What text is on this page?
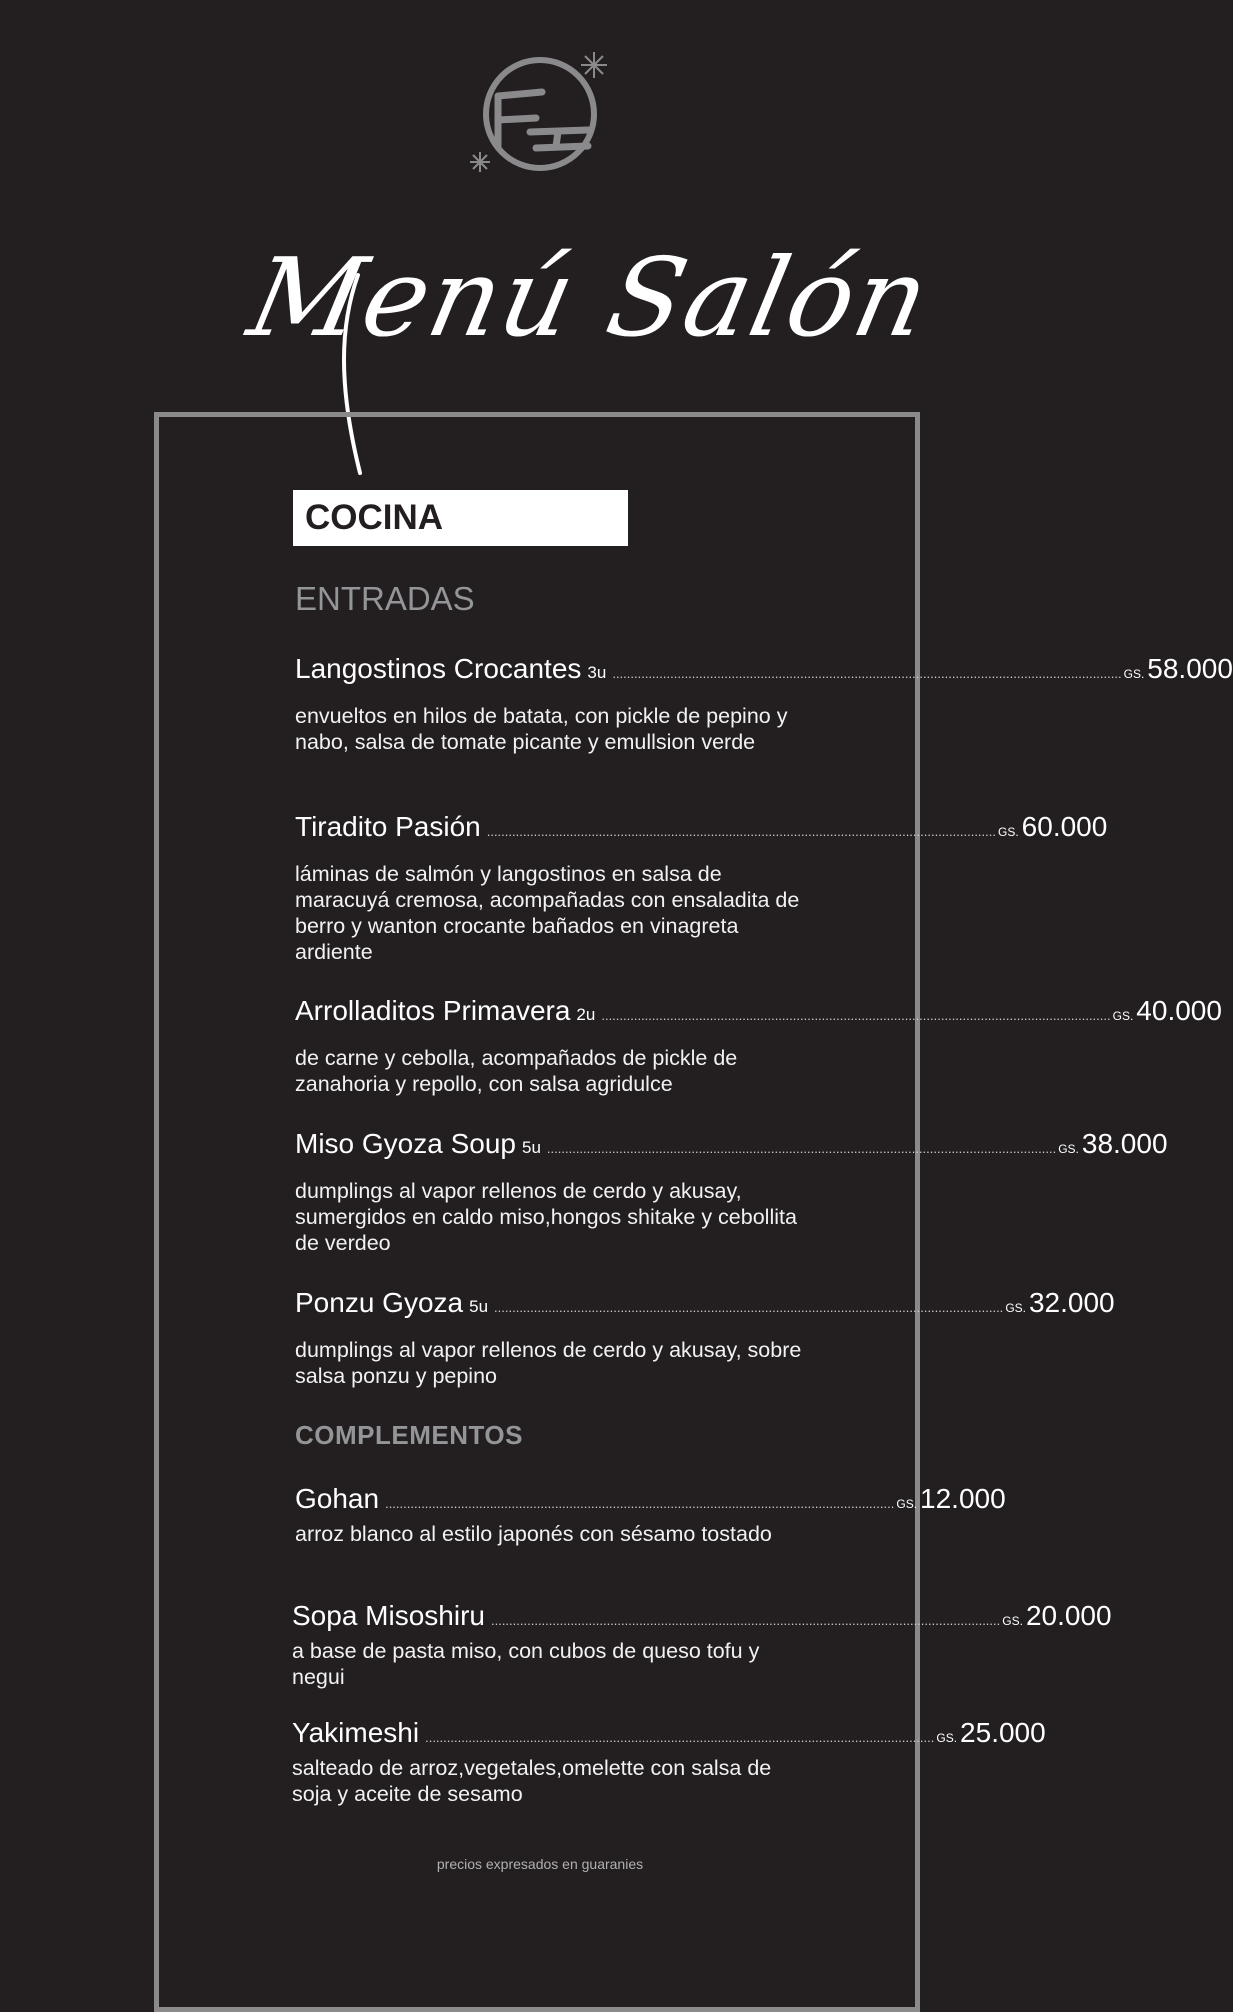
Menú Salón
COCINA
ENTRADAS
Langostinos Crocantes 3u .....	GS. 58.000
envueltos en hilos de batata, con pickle de pepino y nabo, salsa de tomate picante y emullsion verde
Tiradito Pasión .....	GS. 60.000
láminas de salmón y langostinos en salsa de maracuyá cremosa, acompañadas con ensaladita de berro y wanton crocante bañados en vinagreta ardiente
Arrolladitos Primavera 2u .....	GS. 40.000
de carne y cebolla, acompañados de pickle de zanahoria y repollo, con salsa agridulce
Miso Gyoza Soup 5u .....	GS. 38.000
dumplings al vapor rellenos de cerdo y akusay, sumergidos en caldo miso,hongos shitake y cebollita de verdeo
Ponzu Gyoza 5u .....	GS. 32.000
dumplings al vapor rellenos de cerdo y akusay, sobre salsa ponzu y pepino
COMPLEMENTOS
Gohan .....	GS. 12.000
arroz blanco al estilo japonés con sésamo tostado
Sopa Misoshiru .....	GS. 20.000
a base de pasta miso, con cubos de queso tofu y negui
Yakimeshi .....	GS. 25.000
salteado de arroz,vegetales,omelette con salsa de soja y aceite de sesamo
precios expresados en guaranies
